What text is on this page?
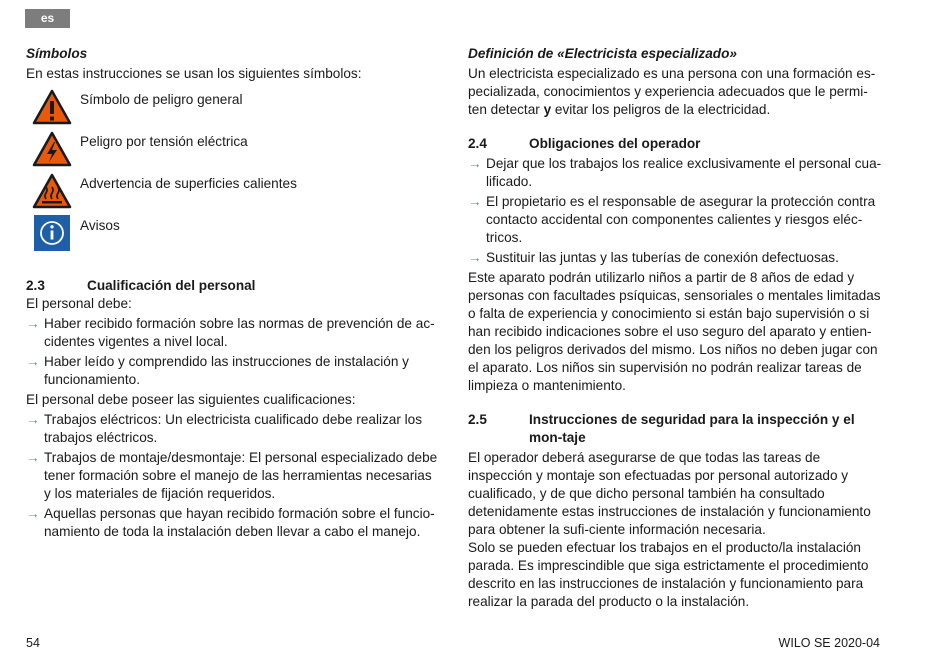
es

Símbolos

En estas instrucciones se usan los siguientes símbolos:

Símbolo de peligro general
Peligro por tensión eléctrica
Advertencia de superficies calientes
Avisos
2.3	Cualificación del personal

El personal debe:

→ Haber recibido formación sobre las normas de prevención de ac-cidentes vigentes a nivel local.
→ Haber leído y comprendido las instrucciones de instalación y funcionamiento.

El personal debe poseer las siguientes cualificaciones:

→ Trabajos eléctricos: Un electricista cualificado debe realizar los trabajos eléctricos.
→ Trabajos de montaje/desmontaje: El personal especializado debe tener formación sobre el manejo de las herramientas necesarias y los materiales de fijación requeridos.
→ Aquellas personas que hayan recibido formación sobre el funcio-namiento de toda la instalación deben llevar a cabo el manejo.

Definición de «Electricista especializado»

Un electricista especializado es una persona con una formación es-pecializada, conocimientos y experiencia adecuados que le permi-ten detectar y evitar los peligros de la electricidad.

2.4	Obligaciones del operador
→ Dejar que los trabajos los realice exclusivamente el personal cua-lificado.
→ El propietario es el responsable de asegurar la protección contra contacto accidental con componentes calientes y riesgos eléc-tricos.
→ Sustituir las juntas y las tuberías de conexión defectuosas.

Este aparato podrán utilizarlo niños a partir de 8 años de edad y personas con facultades psíquicas, sensoriales o mentales limitadas o falta de experiencia y conocimiento si están bajo supervisión o si han recibido indicaciones sobre el uso seguro del aparato y entien-den los peligros derivados del mismo. Los niños no deben jugar con el aparato. Los niños sin supervisión no podrán realizar tareas de limpieza o mantenimiento.

2.5	Instrucciones de seguridad para la inspección y el mon-taje

El operador deberá asegurarse de que todas las tareas de inspección y montaje son efectuadas por personal autorizado y cualificado, y de que dicho personal también ha consultado detenidamente estas instrucciones de instalación y funcionamiento para obtener la sufi-ciente información necesaria.

Solo se pueden efectuar los trabajos en el producto/la instalación parada. Es imprescindible que siga estrictamente el procedimiento descrito en las instrucciones de instalación y funcionamiento para realizar la parada del producto o la instalación.

54	WILO SE 2020-04
